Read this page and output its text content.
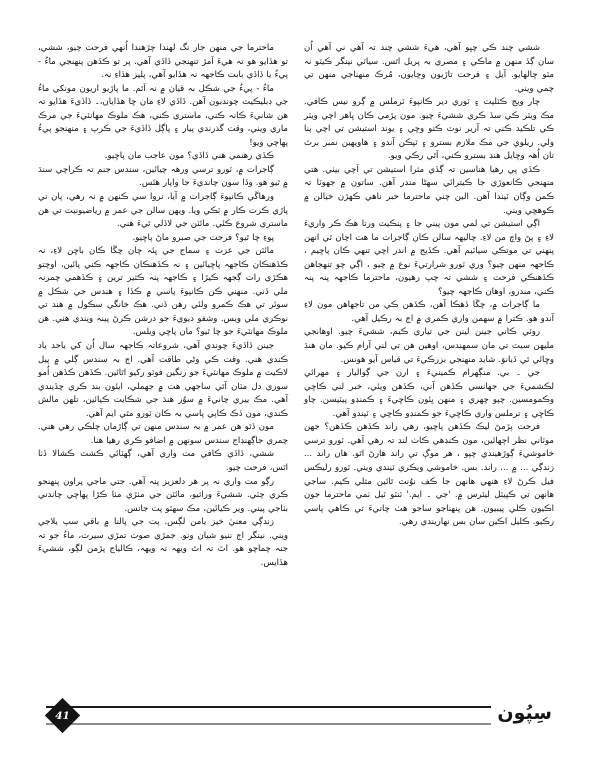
ششي چند ڪي چڀو آهي، هيءَ ششي چند تہ آهي ني آهي اُن سان ڳڏ منهن ۾ ماڪي ۽ مصري بہ پريل اٿس. سياٽي نينگر ڪيٽو نہ مٽو ڇالھايو. آيل ۽ فرحت تاڙيون وڇايون، مُرڪ منهناجي منهن تي چمي ويني.

چار ويج ڪٽليت ۽ ٽوري دير ڪانپوءَ ٽرملس ۾ ڳرو نيس ڪافي. مڪ ويٽر ڪي سڏ ڪري ششيءَ چيو. مون پڙمي ڪان ڀاهر اچي ويٽر ڪي تلڪيد ڪني تہ آرير نوٽ ڪنو وڇي ۽ يوند استيشن تي اچي پنا ولي. ريلوي جي مڪ ملازم بسترو ۽ ٽپڪن آندو ۽ هاويهين نمبر برٿ تان اُهہ وڇايل هنڊ بسترو ڪني، اَٿي رڪي ويو.

ڪڏي پي رهيا هناسين تہ ڳڏي مثرا استيشن تي اَچي بيٺي. هتي منهنجي ڪانعوڙي جا ڪيترائي سهڻا مندر آهن. ساتون ۾ جهوٽا تہ ڪمن وڳان ٽيندا آهن. الين چني ماحترما خبر ناهي ڪهڙن خيالن ۾ ڪوهڇي ويني.

اڳي استيشن تي لمي مون پيني جا ۽ پنڪيٽ ورتا هڪ ڪر واريءَ لاءِ ۽ پڻ واچ من لاءِ. چاليهہ سالن ڪان ڳاجرات ما هت اچان ٿي انهن پنهني تي موتڪي سياٽيم آهي. ڪڏيج ۾ اندر اچي تنهي ڪان پاڇيم ، ڪاجهہ منهن چيو؟ وري ٽورو شرارتيءَ نوع ۾ چيو ، اڳي چو تنهجاهن ڪڏهنڪي فرحت ۽ ششي تہ چپ رهيون، ماحترما ڪاجهہ پنہ پنہ ڪني، مندرو، اوهان ڪاجهہ چيو؟

ما ڳاجرات ۾، چڱا ڏهڪا آهن، ڪڏهن ڪي من تاجهاهن مون لاءِ آندو هو. ڪترا ۾ سهمن واري ڪمري ۾ اڄ بہ رڪيل آهي.

روٽي ڪاني جينن لينن جي تياري ڪيم، ششيءَ چيو. اوهانجي مليهن سيٽ تي مان سمهندس، اوهين هن تي لني آرام ڪيو. مان هنڌ وڇائي ٿي ڏيانوَ. شايد منهنجي بزرڪيءَ تي قياس آيو هونس.

جي ۔ بي. منڳهرام ڪمينيءَ ۽ ارن جي ڳواليار ۽ مهرائي لڪشميءَ جي جهانسي ڪڏهن آني، ڪڏهن ويئي، خبر لني ڪاڇي وڪمومسين. چپو چهري ۽ منهن ڀئون ڪاڇيءَ ۽ ڪمنڊو پيٽيسن. چاو ڪاڇي ۽ ترملس واري ڪاڇيءَ جو ڪمنڊو ڪاڇي ۽ ٽيندو آهي.

فرحت پڙمڻ ليڪ ڪڏهن پاڇيو، رهي راند ڪڏهن ڪڏهن؟ جهن موٽاني نظر اڄهائين، مون ڪنڊهي ڪاٺ لنڊ تہ رهي آهي. ٽورو ترسي خاموشيءَ ڳوڙهيندي چپو ، هر موڳ تي راند هارڻ اٿو. هان راند ... زندڳي ... ۾ ... راند. بس. خاموشي ويڪري ٽيندي ويني. ٽورو رليڪس فيل ڪرڻ لاءِ هنهي هانهن جا ڪف نوُنٽ ٿائين مثلي ڪيم. ساجي هانهن تي ڪپيٽل ليٽرس ۾. 'جي ۔ ايم.' ٽنٽو ٽيل ٺمي ماحترما جون اڪيون ڪلي پيبيون. هن پنهناجو ساجو هٺ چاتيءَ تي ڪاهي پاسي رڪيو. ڪليل اڪين سان بس نهاريندي رهي.

ماحترما جي منهن جار نگ لهندا چڙهندا اُنھي فرحت چيو، ششي، تو هڏايو هو تہ هيءَ اَمڙ تنهنجي ڏاڏي آهي. پر تو ڪڏهن پنهنجي ماءُ - پيءُ يا ڏاڏي بابت ڪاجھہ نہ هڏايو آهي، پليز هڏاءِ نہ.

ماءُ - پيءُ جي شڪل بہ قيان ۾ نہ اَٿم. ما پاڙيو اريون مونکي ماءُ جي ڊبليڪيٽ چوندبون آهن. ڏاڏي لاءِ مان چا هڏايان،۔ ڏاڏيءَ هڏايو تہ هن شانيءَ ڪانہ ڪني، ماستري ڪني، هڪ ملوڪ مهانٽيءَ جي مرڪ ماري ويني، وقت گذرندي پيار ۽ پاڳل ڏاڏيءَ جي ڪرپ ۽ منهنجو پيءُ پھاچي ويو!

ڪڏي رهنمي هني ڏاڏي؟ مون عاجب مان پاڇيو.

ڳاجرات ۾، ٽورو ترسي ورهہ چيائين، سندس جنم تہ ڪراچي سنڌ ۾ ٿيو هو. وڏا سون چانديءَ جا واپار هئس.

ورهاڱي ڪانپوءَ ڳاجرات ۾ آيا، نروا سي ڪنهن ۾ نہ رهي، پان تي پاڙي ڪرت ڪار ۾ ٽڪي ويا. ويهن سالن جي عمر ۾ رياضيونيٽ تي هن ماستري شروع ڪئي. مائٽن جي لاڏلي ٿيءَ هني.

پوءِ چا ٿيو؟ فرحت جي صبرو ماڻ پاڇيو.

مائٽن جي عزت ۽ سماج جي ڀئہ چان چڱا ڪان باڇن لاءِ، نہ ڪڏهنڪان ڪاجهہ پاڇيائين ۽ نہ ڪڏهنڪان ڪاجهہ ڪني پائين، اوچتو هڪڙي رات ڳجھہ ڪيڙا ۽ ڪاجهہ پنہ ڪثير ترين ۽ ڪڏهمي چمرنہ ملي ڏني. منهني ڪن ڪانپوءَ پاسي ۾ ڪڏا ۽ هندس جي شڪل ۾ سوئر تي هڪ ڪمرو ولئي رهن ڏني. هڪ خانگي سڪول ۾ هند تي نوڪري ملي ويس. وشفو ديويءَ جو درشن ڪرڻ پينہ ويندي هني. هن ملوڪ مهانٽيءَ جو چا ٿيو؟ مان پاڇي ويلس.

جينن ڏاڏيءَ چوندي آهي، شروعاتہ ڪاجهہ سال اُن کي ياحد ياد ڪندي هني. وقت ڪي وڻي طاقت آهي. اڄ بہ سندس ڳلي ۾ پيل لاڪيٽ ۾ ملوڪ مهانٽيءَ جو رنگين فوٽو ركيو اٿائين. ڪڏهن ڪڏهن اُمو سوري دل مٽان آٿي ساجھي هت ۾ جهملي، ايئون بند ڪري چڏيندي آهي. مڪ ييري چانيءَ ۾ سوُر هنڌ جي شڪايت ڪيائين، تلهن مالش ڪندي، مون ڏڪ ڪاپي پاسي بہ ڪان ٽورو مٿي ايم آهي.

مون ڏٿو هن عمر ۾ بہ سندس منهن تي ڳاڙمان چلڪي رهي هني. چمري جاڳهنڊاج سندس سونهن ۾ اضافو ڪري رهيا هنا.

ششي، ڏاڏي ڪافي مت واري آهي، ڳهٽائي ڪشٽ ڪشالا ڏٺا اٿس، فرحت چيو.

رڳو مت واري نہ پر هر دلعزيز پنہ آهي. جتي ماجي پراون پنهنجو ڪري چٽي. ششيءَ وراثيو، مائٽن جي مٺڙي مٺا ڪڙا پهاچي چاندني بٺاجي پيني. وير ڪيائين، مڪ سهٽو پت جانس.

زندڳي معنيٰ خيز يامن لڳس. پت جي پالنا ۾ باقي سپ يلاجي ويني. نينگر اڄ ننيو شيان ونو. جمڙي صوت تمڙي سيرت، ماءُ جو تہ جنہ چماچو هو. اٿ تہ اٿ ويهہ تہ ويهہ، ڪالياج پڙمن لڳو، ششيءَ هڏايس.

41	سِپُون
